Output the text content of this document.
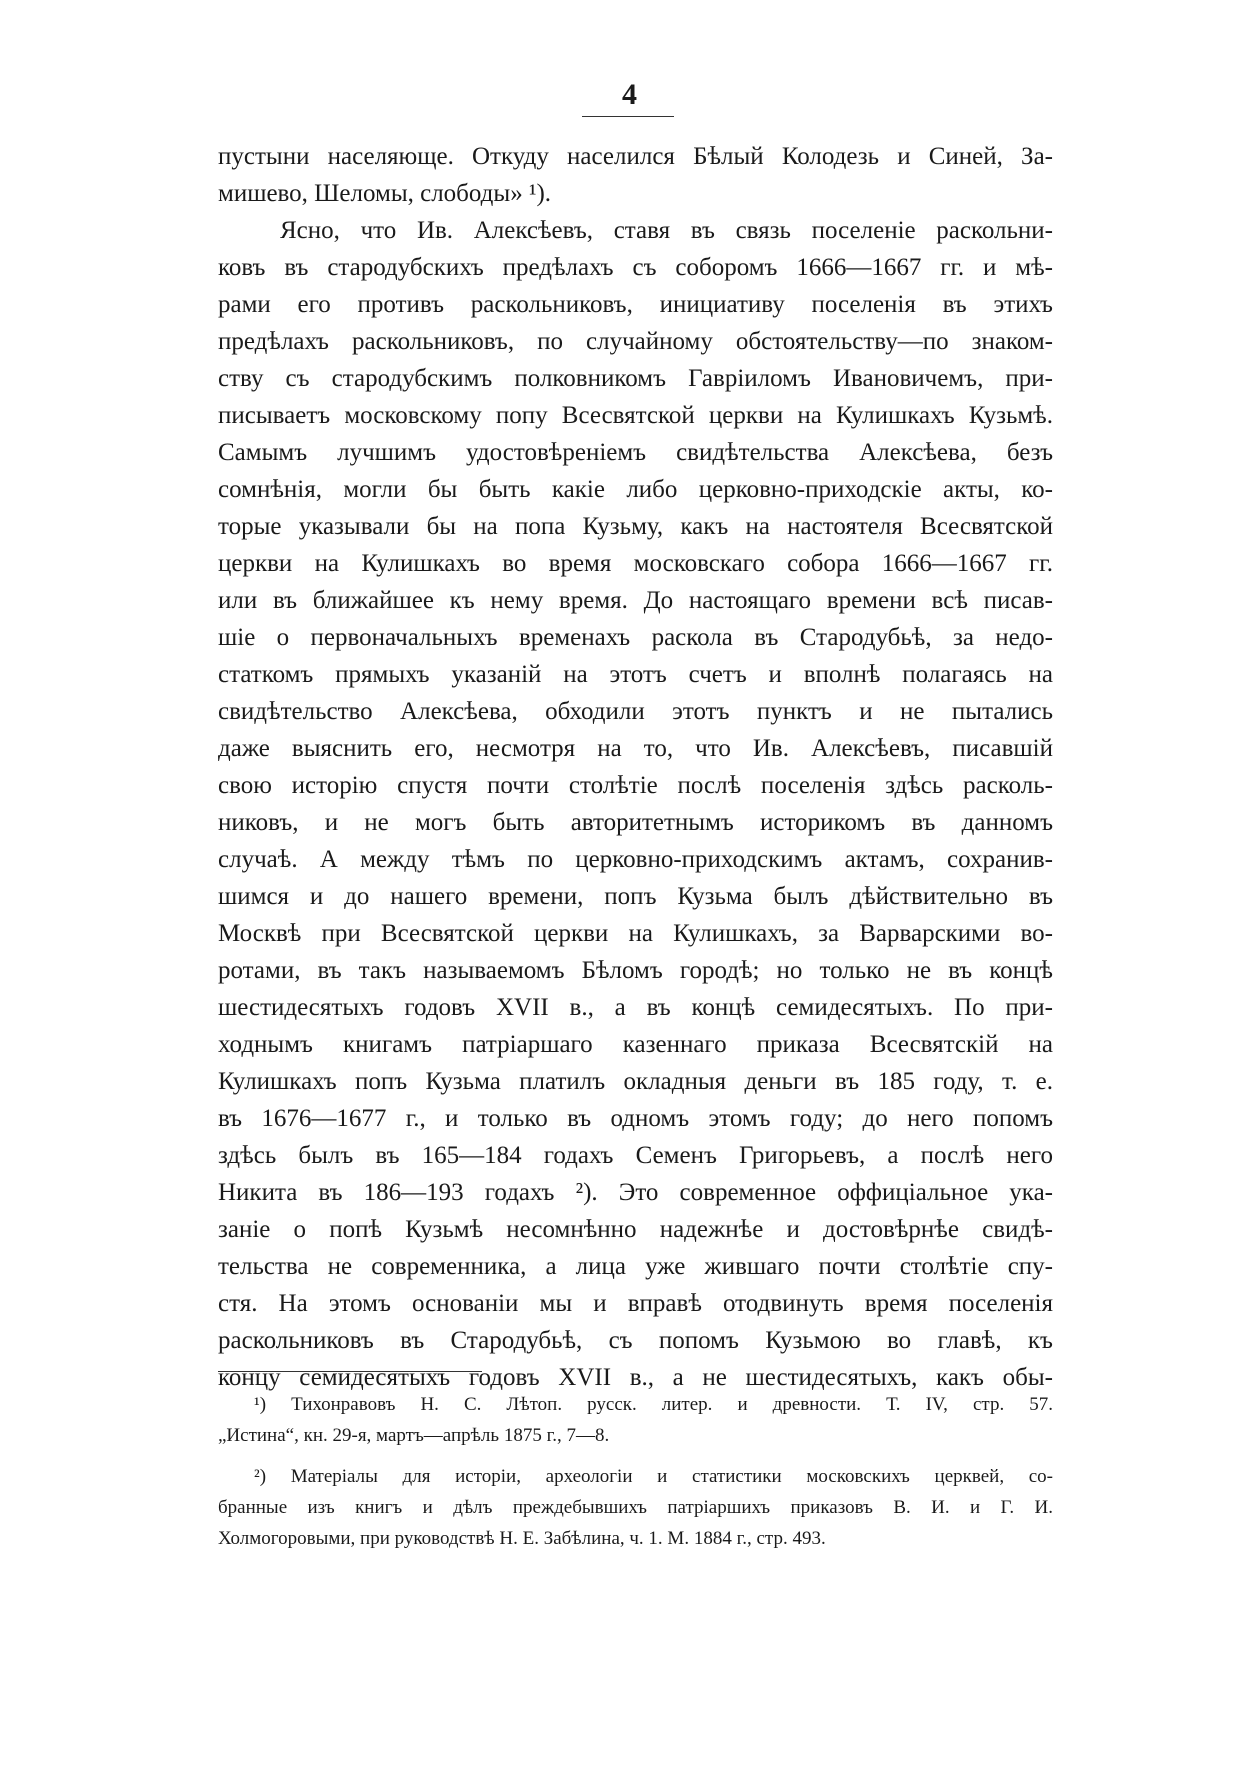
4
пустыни населяюще. Откуду населился Бѣлый Колодезь и Синей, За-
мишево, Шеломы, слободы» ¹).
Ясно, что Ив. Алексѣевъ, ставя въ связь поселеніе раскольни-
ковъ въ стародубскихъ предѣлахъ съ соборомъ 1666—1667 гг. и мѣ-
рами его противъ раскольниковъ, инициативу поселенія въ этихъ
предѣлахъ раскольниковъ, по случайному обстоятельству—по знаком-
ству съ стародубскимъ полковникомъ Гавріиломъ Ивановичемъ, при-
писываетъ московскому попу Всесвятской церкви на Кулишкахъ Кузьмѣ.
Самымъ лучшимъ удостовѣреніемъ свидѣтельства Алексѣева, безъ
сомнѣнія, могли бы быть какіе либо церковно-приходскіе акты, ко-
торые указывали бы на попа Кузьму, какъ на настоятеля Всесвятской
церкви на Кулишкахъ во время московскаго собора 1666—1667 гг.
или въ ближайшее къ нему время. До настоящаго времени всѣ писав-
шіе о первоначальныхъ временахъ раскола въ Стародубьѣ, за недо-
статкомъ прямыхъ указаній на этотъ счетъ и вполнѣ полагаясь на
свидѣтельство Алексѣева, обходили этотъ пунктъ и не пытались
даже выяснить его, несмотря на то, что Ив. Алексѣевъ, писавшій
свою исторію спустя почти столѣтіе послѣ поселенія здѣсь расколь-
никовъ, и не могъ быть авторитетнымъ историкомъ въ данномъ
случаѣ. А между тѣмъ по церковно-приходскимъ актамъ, сохранив-
шимся и до нашего времени, попъ Кузьма былъ дѣйствительно въ
Москвѣ при Всесвятской церкви на Кулишкахъ, за Варварскими во-
ротами, въ такъ называемомъ Бѣломъ городѣ; но только не въ концѣ
шестидесятыхъ годовъ XVII в., а въ концѣ семидесятыхъ. По при-
ходнымъ книгамъ патріаршаго казеннаго приказа Всесвятскій на
Кулишкахъ попъ Кузьма платилъ окладныя деньги въ 185 году, т. е.
въ 1676—1677 г., и только въ одномъ этомъ году; до него попомъ
здѣсь былъ въ 165—184 годахъ Семенъ Григорьевъ, а послѣ него
Никита въ 186—193 годахъ ²). Это современное оффиціальное ука-
заніе о попѣ Кузьмѣ несомнѣнно надежнѣе и достовѣрнѣе свидѣ-
тельства не современника, а лица уже жившаго почти столѣтіе спу-
стя. На этомъ основаніи мы и вправѣ отодвинуть время поселенія
раскольниковъ въ Стародубьѣ, съ попомъ Кузьмою во главѣ, къ
концу семидесятыхъ годовъ XVII в., а не шестидесятыхъ, какъ обы-
¹) Тихонравовъ Н. С. Лѣтоп. русск. литер. и древности. Т. IV, стр. 57.
„Истина“, кн. 29-я, мартъ—апрѣль 1875 г., 7—8.
²) Матеріалы для исторіи, археологіи и статистики московскихъ церквей, со-
бранные изъ книгъ и дѣлъ преждебывшихъ патріаршихъ приказовъ В. И. и Г. И.
Холмогоровыми, при руководствѣ Н. Е. Забѣлина, ч. 1. М. 1884 г., стр. 493.
